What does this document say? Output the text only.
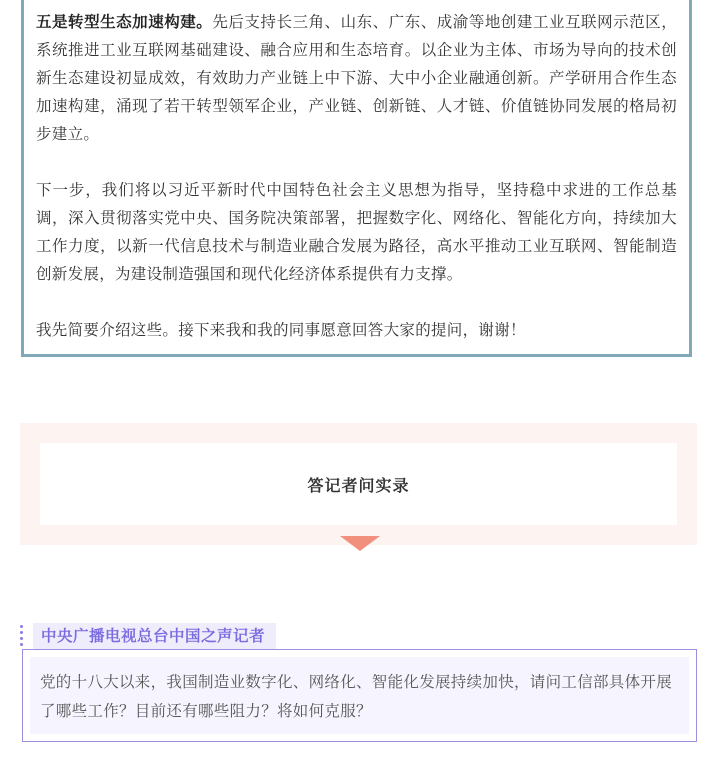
五是转型生态加速构建。先后支持长三角、山东、广东、成渝等地创建工业互联网示范区，系统推进工业互联网基础建设、融合应用和生态培育。以企业为主体、市场为导向的技术创新生态建设初显成效，有效助力产业链上中下游、大中小企业融通创新。产学研用合作生态加速构建，涌现了若干转型领军企业，产业链、创新链、人才链、价值链协同发展的格局初步建立。

下一步，我们将以习近平新时代中国特色社会主义思想为指导，坚持稳中求进的工作总基调，深入贯彻落实党中央、国务院决策部署，把握数字化、网络化、智能化方向，持续加大工作力度，以新一代信息技术与制造业融合发展为路径，高水平推动工业互联网、智能制造创新发展，为建设制造强国和现代化经济体系提供有力支撑。

我先简要介绍这些。接下来我和我的同事愿意回答大家的提问，谢谢！

答记者问实录
中央广播电视总台中国之声记者
党的十八大以来，我国制造业数字化、网络化、智能化发展持续加快，请问工信部具体开展了哪些工作？目前还有哪些阻力？将如何克服？
